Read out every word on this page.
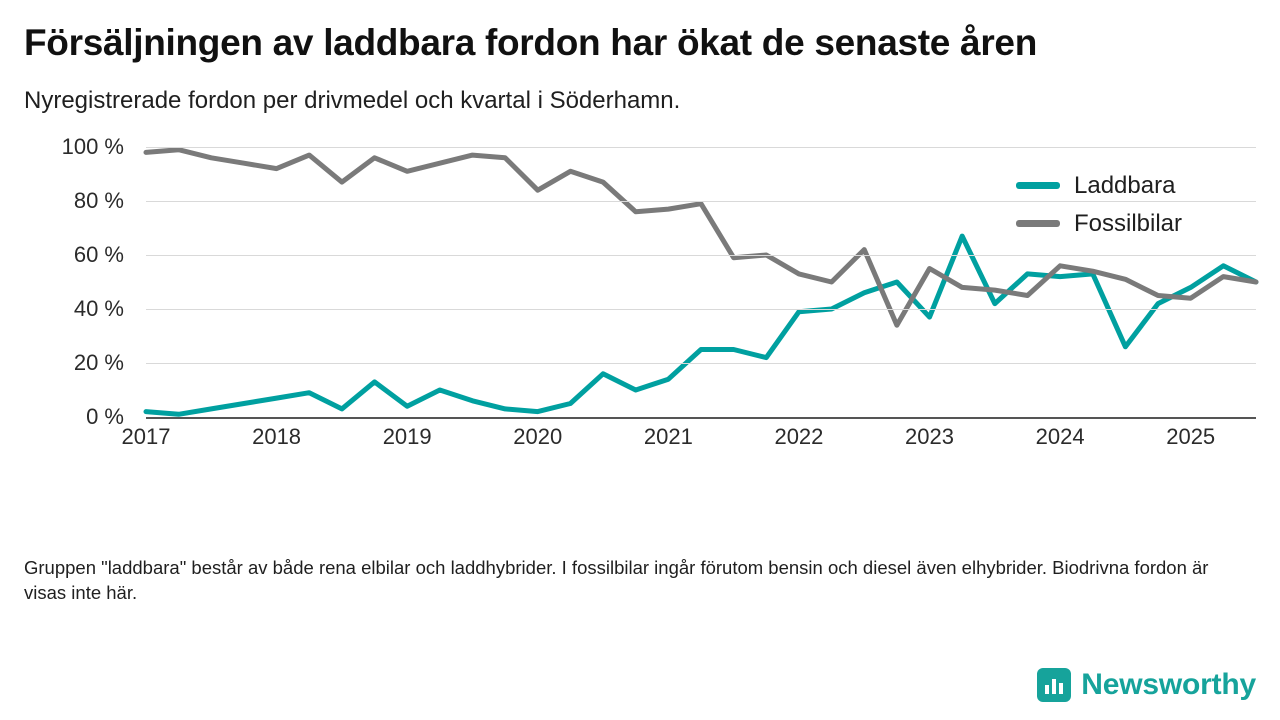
Försäljningen av laddbara fordon har ökat de senaste åren
Nyregistrerade fordon per drivmedel och kvartal i Söderhamn.
0 %
20 %
40 %
60 %
80 %
100 %
2017	2018	2019	2020	2021	2022	2023	2024	2025
Laddbara
Fossilbilar
Gruppen "laddbara" består av både rena elbilar och laddhybrider. I fossilbilar ingår förutom bensin och diesel även elhybrider. Biodrivna fordon är visas inte här.
Newsworthy
